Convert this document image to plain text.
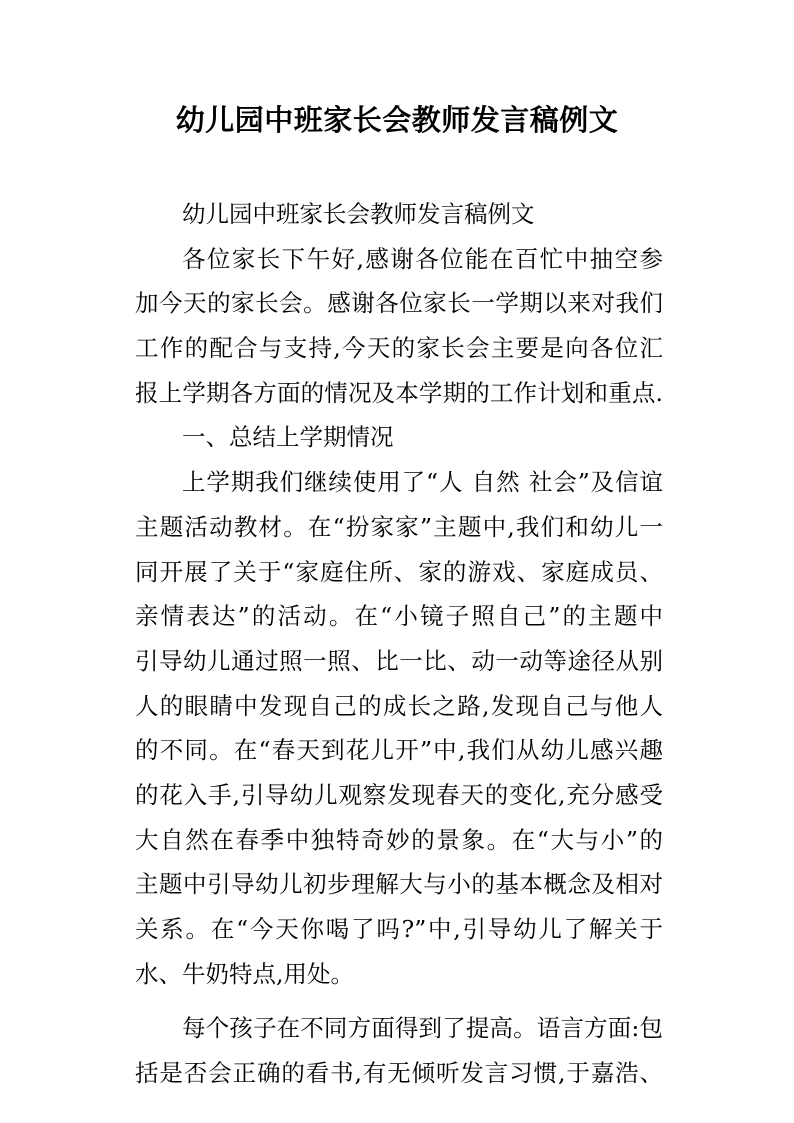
幼儿园中班家长会教师发言稿例文
幼儿园中班家长会教师发言稿例文
各位家长下午好,感谢各位能在百忙中抽空参
加今天的家长会。感谢各位家长一学期以来对我们
工作的配合与支持,今天的家长会主要是向各位汇
报上学期各方面的情况及本学期的工作计划和重点.
一、总结上学期情况
上学期我们继续使用了“人 自然 社会”及信谊
主题活动教材。在“扮家家”主题中,我们和幼儿一
同开展了关于“家庭住所、家的游戏、家庭成员、
亲情表达”的活动。在“小镜子照自己”的主题中
引导幼儿通过照一照、比一比、动一动等途径从别
人的眼睛中发现自己的成长之路,发现自己与他人
的不同。在“春天到花儿开”中,我们从幼儿感兴趣
的花入手,引导幼儿观察发现春天的变化,充分感受
大自然在春季中独特奇妙的景象。在“大与小”的
主题中引导幼儿初步理解大与小的基本概念及相对
关系。在“今天你喝了吗?”中,引导幼儿了解关于
水、牛奶特点,用处。
每个孩子在不同方面得到了提高。语言方面:包
括是否会正确的看书,有无倾听发言习惯,于嘉浩、
